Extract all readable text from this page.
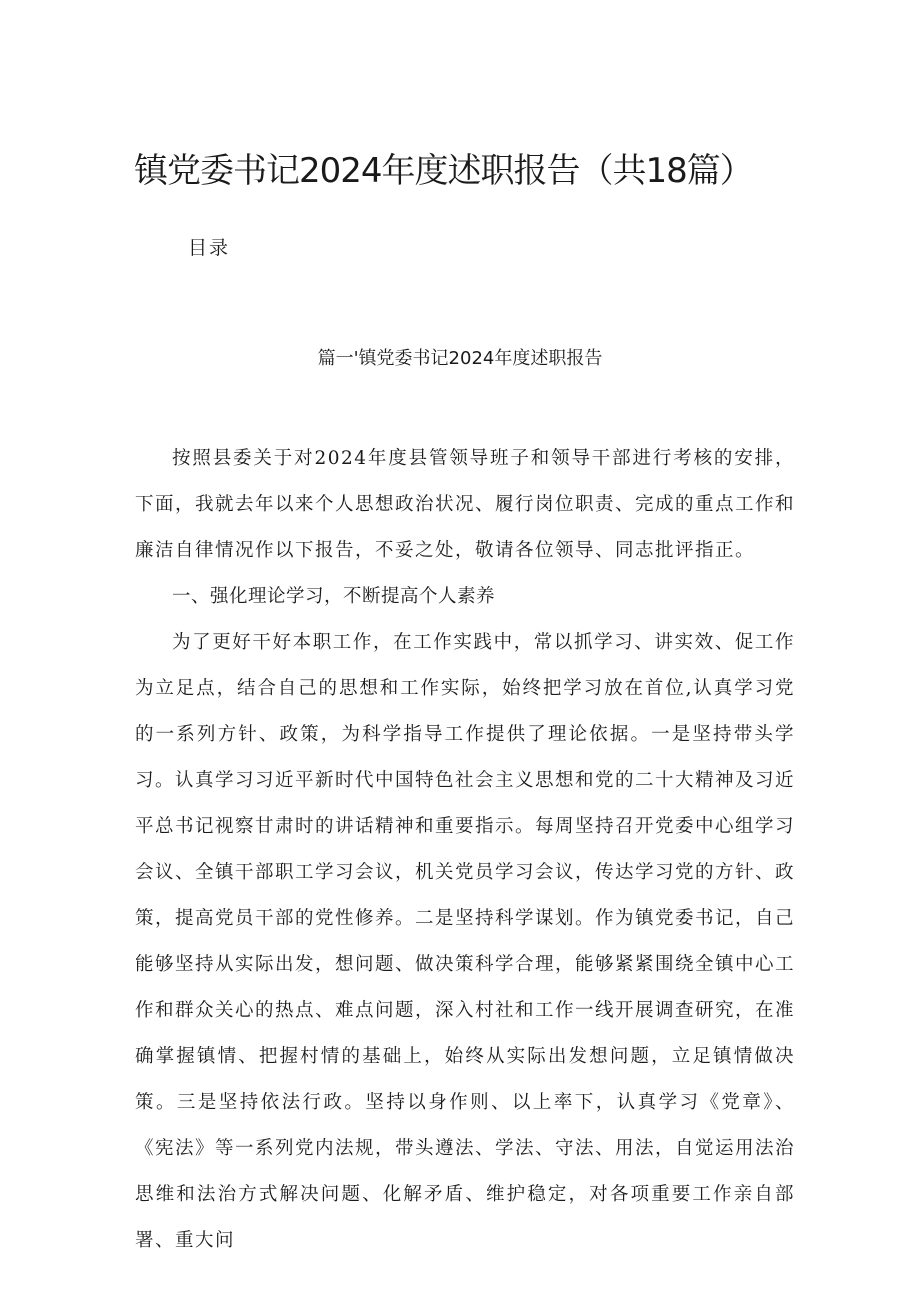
镇党委书记2024年度述职报告（共18篇）
目录
篇一'镇党委书记2024年度述职报告

按照县委关于对2024年度县管领导班子和领导干部进行考核的安排，下面，我就去年以来个人思想政治状况、履行岗位职责、完成的重点工作和廉洁自律情况作以下报告，不妥之处，敬请各位领导、同志批评指正。

一、强化理论学习，不断提高个人素养

为了更好干好本职工作，在工作实践中，常以抓学习、讲实效、促工作为立足点，结合自己的思想和工作实际，始终把学习放在首位,认真学习党的一系列方针、政策，为科学指导工作提供了理论依据。一是坚持带头学习。认真学习习近平新时代中国特色社会主义思想和党的二十大精神及习近平总书记视察甘肃时的讲话精神和重要指示。每周坚持召开党委中心组学习会议、全镇干部职工学习会议，机关党员学习会议，传达学习党的方针、政策，提高党员干部的党性修养。二是坚持科学谋划。作为镇党委书记，自己能够坚持从实际出发，想问题、做决策科学合理，能够紧紧围绕全镇中心工作和群众关心的热点、难点问题，深入村社和工作一线开展调查研究，在准确掌握镇情、把握村情的基础上，始终从实际出发想问题，立足镇情做决策。三是坚持依法行政。坚持以身作则、以上率下，认真学习《党章》、《宪法》等一系列党内法规，带头遵法、学法、守法、用法，自觉运用法治思维和法治方式解决问题、化解矛盾、维护稳定，对各项重要工作亲自部署、重大问
